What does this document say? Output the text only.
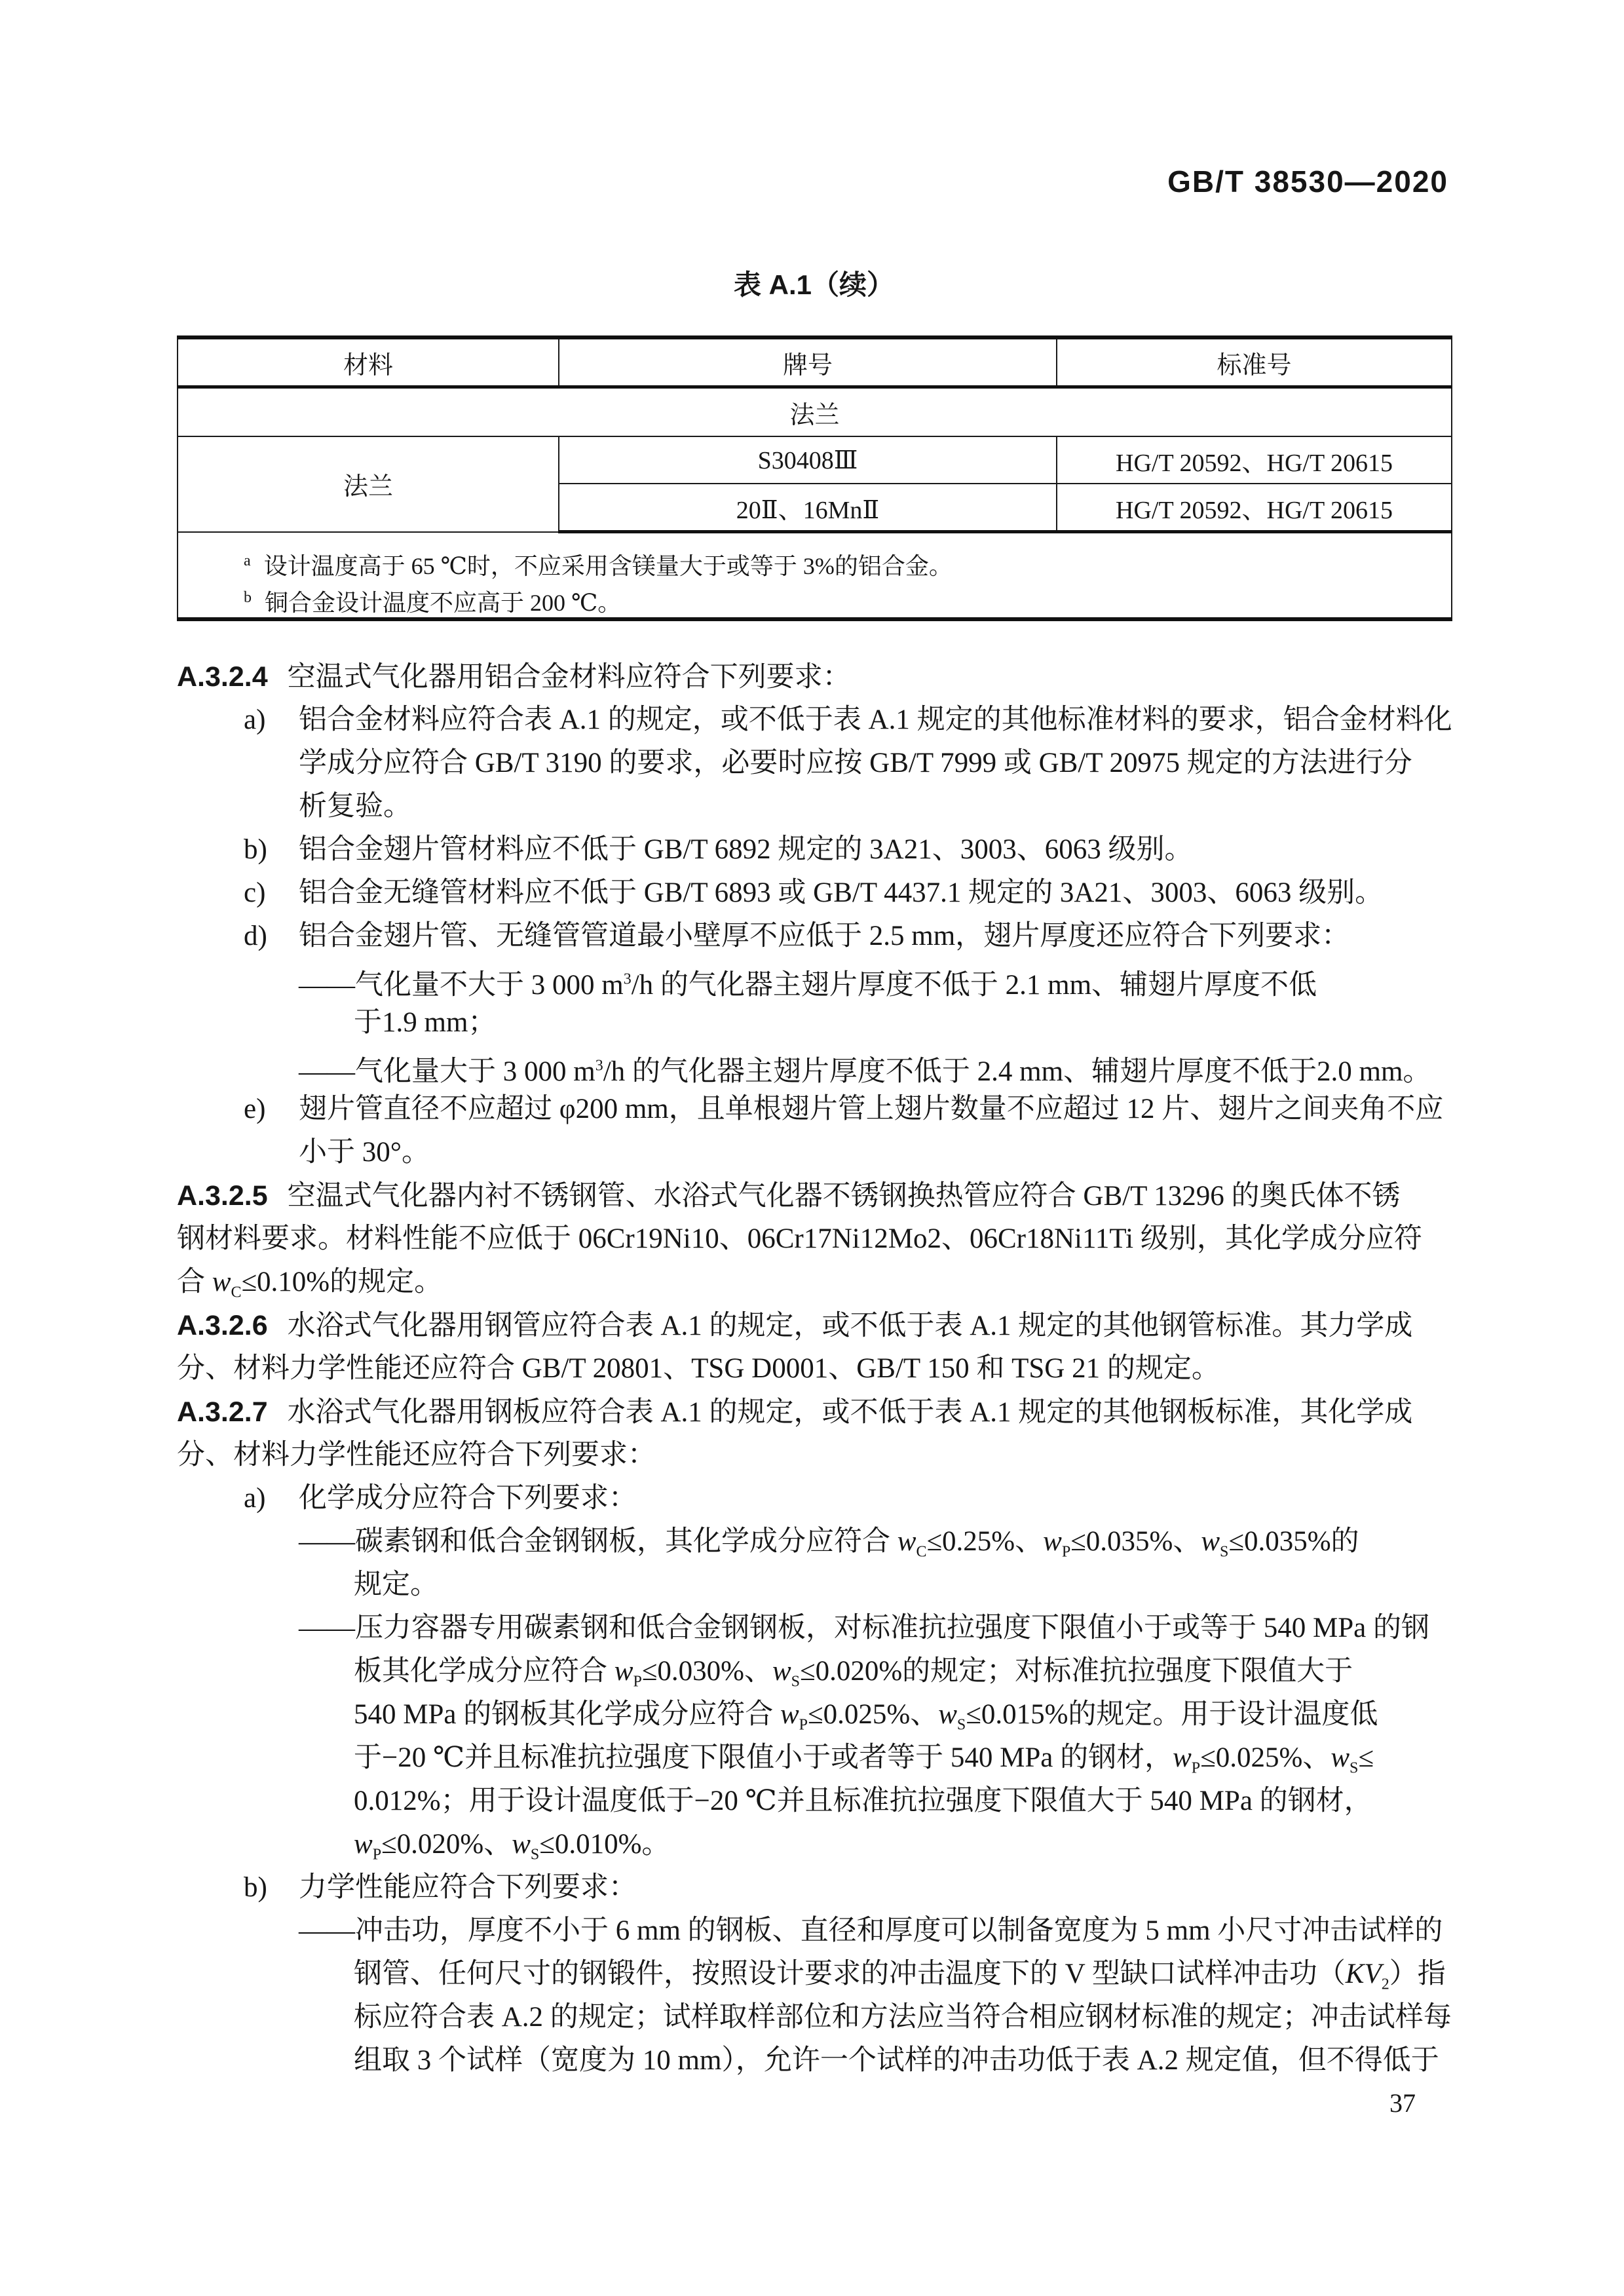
GB/T 38530—2020
表 A.1（续）
材料	牌号	标准号
法兰		
法兰	S30408Ⅲ	HG/T 20592、HG/T 20615
	20Ⅱ、16MnⅡ	HG/T 20592、HG/T 20615

$^a$ 设计温度高于 65 ℃时，不应采用含镁量大于或等于 3%的铝合金。
$^b$ 铜合金设计温度不应高于 200 ℃。		
A.3.2.4 空温式气化器用铝合金材料应符合下列要求：
a) 铝合金材料应符合表 A.1 的规定，或不低于表 A.1 规定的其他标准材料的要求，铝合金材料化
学成分应符合 GB/T 3190 的要求，必要时应按 GB/T 7999 或 GB/T 20975 规定的方法进行分
析复验。
b) 铝合金翅片管材料应不低于 GB/T 6892 规定的 3A21、3003、6063 级别。
c) 铝合金无缝管材料应不低于 GB/T 6893 或 GB/T 4437.1 规定的 3A21、3003、6063 级别。
d) 铝合金翅片管、无缝管管道最小壁厚不应低于 2.5 mm，翅片厚度还应符合下列要求：
——气化量不大于 3 000 $m^3/h$ 的气化器主翅片厚度不低于 2.1 mm、辅翅片厚度不低
于1.9 mm；
——气化量大于 3 000 $m^3/h$ 的气化器主翅片厚度不低于 2.4 mm、辅翅片厚度不低于2.0 mm。
e) 翅片管直径不应超过 φ200 mm，且单根翅片管上翅片数量不应超过 12 片、翅片之间夹角不应
小于 30°。
A.3.2.5 空温式气化器内衬不锈钢管、水浴式气化器不锈钢换热管应符合 GB/T 13296 的奥氏体不锈
钢材料要求。材料性能不应低于 06Cr19Ni10、06Cr17Ni12Mo2、06Cr18Ni11Ti 级别，其化学成分应符
合 $w_C\le 0.10\%$的规定。
A.3.2.6 水浴式气化器用钢管应符合表 A.1 的规定，或不低于表 A.1 规定的其他钢管标准。其力学成
分、材料力学性能还应符合 GB/T 20801、TSG D0001、GB/T 150 和 TSG 21 的规定。
A.3.2.7 水浴式气化器用钢板应符合表 A.1 的规定，或不低于表 A.1 规定的其他钢板标准，其化学成
分、材料力学性能还应符合下列要求：
a) 化学成分应符合下列要求：
——碳素钢和低合金钢钢板，其化学成分应符合 $w_C\le 0.25\%$、$w_P\le 0.035\%$、$w_S\le 0.035\%$的
规定。
——压力容器专用碳素钢和低合金钢钢板，对标准抗拉强度下限值小于或等于 540 MPa 的钢
板其化学成分应符合 $w_P\le 0.030\%$、$w_S\le 0.020\%$的规定；对标准抗拉强度下限值大于
540 MPa 的钢板其化学成分应符合 $w_P\le 0.025\%$、$w_S\le 0.015\%$的规定。用于设计温度低
于−20 ℃并且标准抗拉强度下限值小于或者等于 540 MPa 的钢材，$w_P\le 0.025\%$、$w_S\le$
0.012%；用于设计温度低于−20 ℃并且标准抗拉强度下限值大于 540 MPa 的钢材，
$w_P\le 0.020\%$、$w_S\le 0.010\%$。
b) 力学性能应符合下列要求：
——冲击功，厚度不小于 6 mm 的钢板、直径和厚度可以制备宽度为 5 mm 小尺寸冲击试样的
钢管、任何尺寸的钢锻件，按照设计要求的冲击温度下的 V 型缺口试样冲击功$(KV_2)$指
标应符合表 A.2 的规定；试样取样部位和方法应当符合相应钢材标准的规定；冲击试样每
组取 3 个试样（宽度为 10 mm），允许一个试样的冲击功低于表 A.2 规定值，但不得低于
37
